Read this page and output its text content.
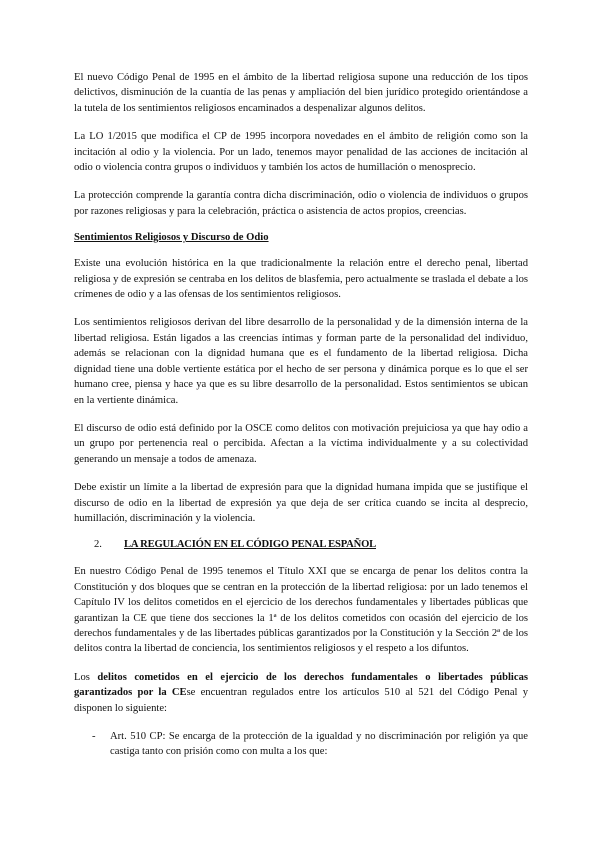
El nuevo Código Penal de 1995 en el ámbito de la libertad religiosa supone una reducción de los tipos delictivos, disminución de la cuantía de las penas y ampliación del bien jurídico protegido orientándose a la tutela de los sentimientos religiosos encaminados a despenalizar algunos delitos.

La LO 1/2015 que modifica el CP de 1995 incorpora novedades en el ámbito de religión como son la incitación al odio y la violencia. Por un lado, tenemos mayor penalidad de las acciones de incitación al odio o violencia contra grupos o individuos y también los actos de humillación o menosprecio.

La protección comprende la garantía contra dicha discriminación, odio o violencia de individuos o grupos por razones religiosas y para la celebración, práctica o asistencia de actos propios, creencias.

Sentimientos Religiosos y Discurso de Odio

Existe una evolución histórica en la que tradicionalmente la relación entre el derecho penal, libertad religiosa y de expresión se centraba en los delitos de blasfemia, pero actualmente se traslada el debate a los crímenes de odio y a las ofensas de los sentimientos religiosos.

Los sentimientos religiosos derivan del libre desarrollo de la personalidad y de la dimensión interna de la libertad religiosa. Están ligados a las creencias íntimas y forman parte de la personalidad del individuo, además se relacionan con la dignidad humana que es el fundamento de la libertad religiosa. Dicha dignidad tiene una doble vertiente estática por el hecho de ser persona y dinámica porque es lo que el ser humano cree, piensa y hace ya que es su libre desarrollo de la personalidad. Estos sentimientos se ubican en la vertiente dinámica.

El discurso de odio está definido por la OSCE como delitos con motivación prejuiciosa ya que hay odio a un grupo por pertenencia real o percibida. Afectan a la víctima individualmente y a su colectividad generando un mensaje a todos de amenaza.

Debe existir un límite a la libertad de expresión para que la dignidad humana impida que se justifique el discurso de odio en la libertad de expresión ya que deja de ser crítica cuando se incita al desprecio, humillación, discriminación y la violencia.

2.	LA REGULACIÓN EN EL CÓDIGO PENAL ESPAÑOL

En nuestro Código Penal de 1995 tenemos el Título XXI que se encarga de penar los delitos contra la Constitución y dos bloques que se centran en la protección de la libertad religiosa: por un lado tenemos el Capítulo IV los delitos cometidos en el ejercicio de los derechos fundamentales y libertades públicas que garantizan la CE que tiene dos secciones la 1ª de los delitos cometidos con ocasión del ejercicio de los derechos fundamentales y de las libertades públicas garantizados por la Constitución y la Sección 2ª de los delitos contra la libertad de conciencia, los sentimientos religiosos y el respeto a los difuntos.

Los delitos cometidos en el ejercicio de los derechos fundamentales o libertades públicas garantizados por la CEse encuentran regulados entre los artículos 510 al 521 del Código Penal y disponen lo siguiente:

- Art. 510 CP: Se encarga de la protección de la igualdad y no discriminación por religión ya que castiga tanto con prisión como con multa a los que:
